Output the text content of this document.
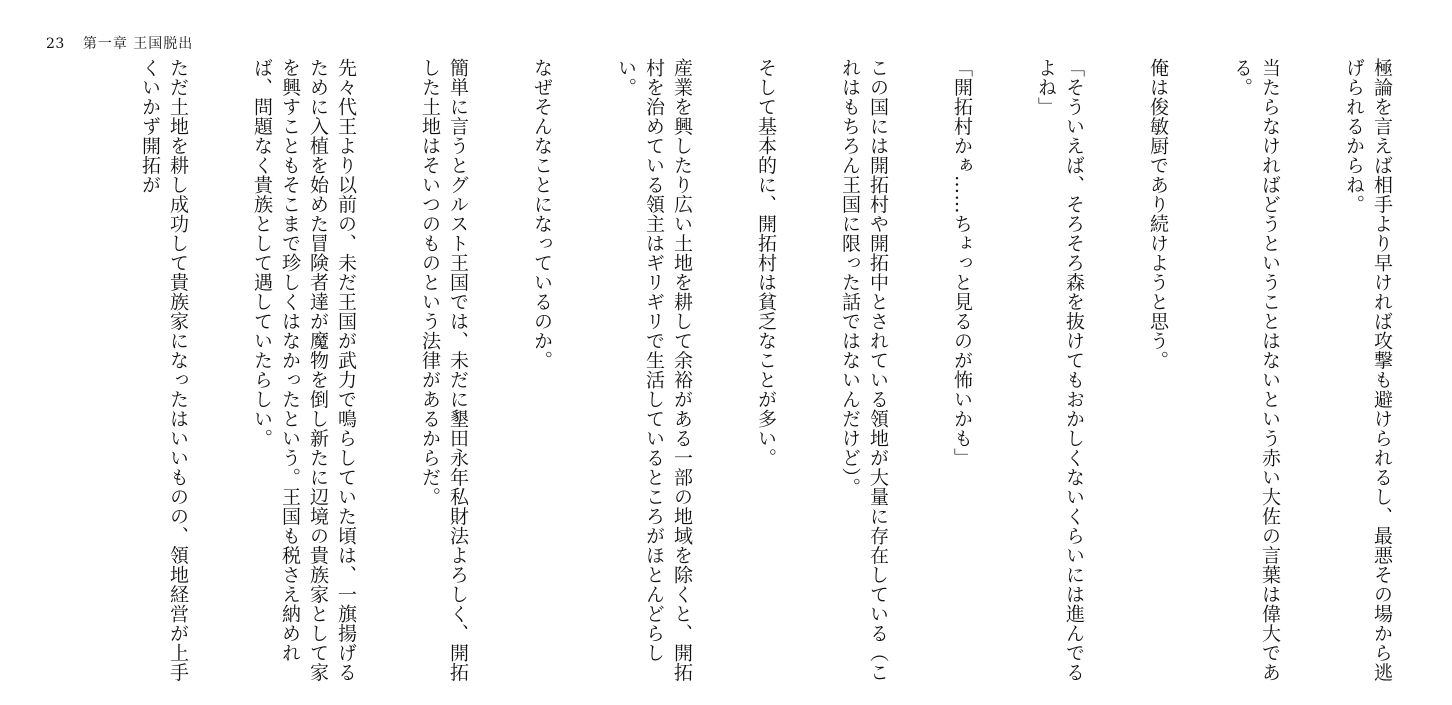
23 第一章 王国脱出

極論を言えば相手より早ければ攻撃も避けられるし、最悪その場から逃げられるからね。

当たらなければどうということはないという赤い大佐の言葉は偉大である。

俺は俊敏厨であり続けようと思う。

「そういえば、そろそろ森を抜けてもおかしくないくらいには進んでるよね」

「開拓村かぁ……ちょっと見るのが怖いかも」

この国には開拓村や開拓中とされている領地が大量に存在している（これはもちろん王国に限った話ではないんだけど）。

そして基本的に、開拓村は貧乏なことが多い。

産業を興したり広い土地を耕して余裕がある一部の地域を除くと、開拓村を治めている領主はギリギリで生活しているところがほとんどらしい。

なぜそんなことになっているのか。

簡単に言うとグルスト王国では、未だに墾田永年私財法よろしく、開拓した土地はそいつのものという法律があるからだ。

先々代王より以前の、未だ王国が武力で鳴らしていた頃は、一旗揚げるために入植を始めた冒険者達が魔物を倒し新たに辺境の貴族家として家を興すこともそこまで珍しくはなかったという。王国も税さえ納めれば、問題なく貴族として遇していたらしい。

ただ土地を耕し成功して貴族家になったはいいものの、領地経営が上手くいかず開拓が
